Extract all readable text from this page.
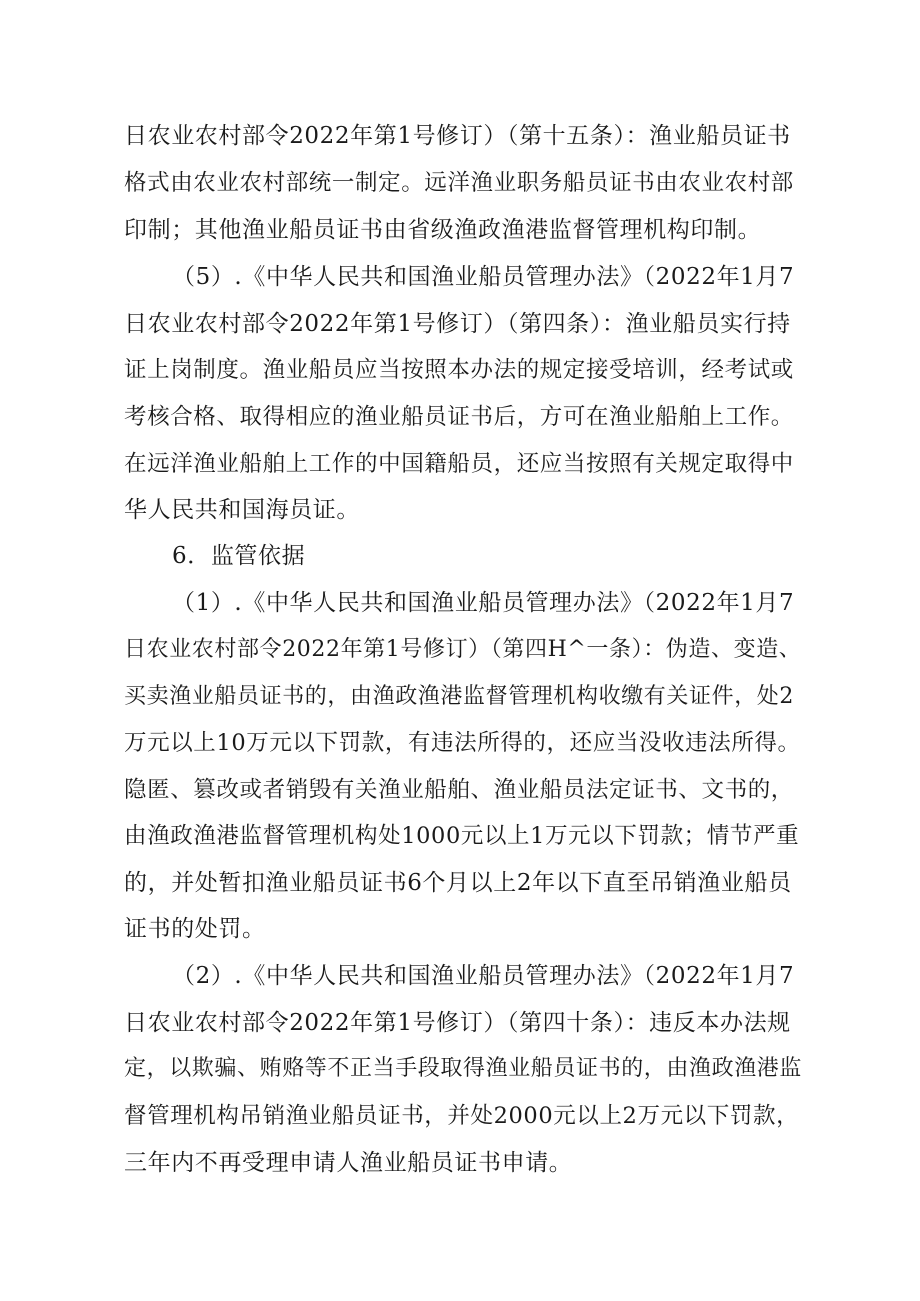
日农业农村部令2022年第1号修订）（第十五条）：渔业船员证书
格式由农业农村部统一制定。远洋渔业职务船员证书由农业农村部
印制；其他渔业船员证书由省级渔政渔港监督管理机构印制。
（5）.《中华人民共和国渔业船员管理办法》（2022年1月7
日农业农村部令2022年第1号修订）（第四条）：渔业船员实行持
证上岗制度。渔业船员应当按照本办法的规定接受培训，经考试或
考核合格、取得相应的渔业船员证书后，方可在渔业船舶上工作。
在远洋渔业船舶上工作的中国籍船员，还应当按照有关规定取得中
华人民共和国海员证。
6．监管依据
（1）.《中华人民共和国渔业船员管理办法》（2022年1月7
日农业农村部令2022年第1号修订）（第四H^一条）：伪造、变造、
买卖渔业船员证书的，由渔政渔港监督管理机构收缴有关证件，处2
万元以上10万元以下罚款，有违法所得的，还应当没收违法所得。
隐匿、篡改或者销毁有关渔业船舶、渔业船员法定证书、文书的，
由渔政渔港监督管理机构处1000元以上1万元以下罚款；情节严重
的，并处暂扣渔业船员证书6个月以上2年以下直至吊销渔业船员
证书的处罚。
（2）.《中华人民共和国渔业船员管理办法》（2022年1月7
日农业农村部令2022年第1号修订）（第四十条）：违反本办法规
定，以欺骗、贿赂等不正当手段取得渔业船员证书的，由渔政渔港监
督管理机构吊销渔业船员证书，并处2000元以上2万元以下罚款，
三年内不再受理申请人渔业船员证书申请。
